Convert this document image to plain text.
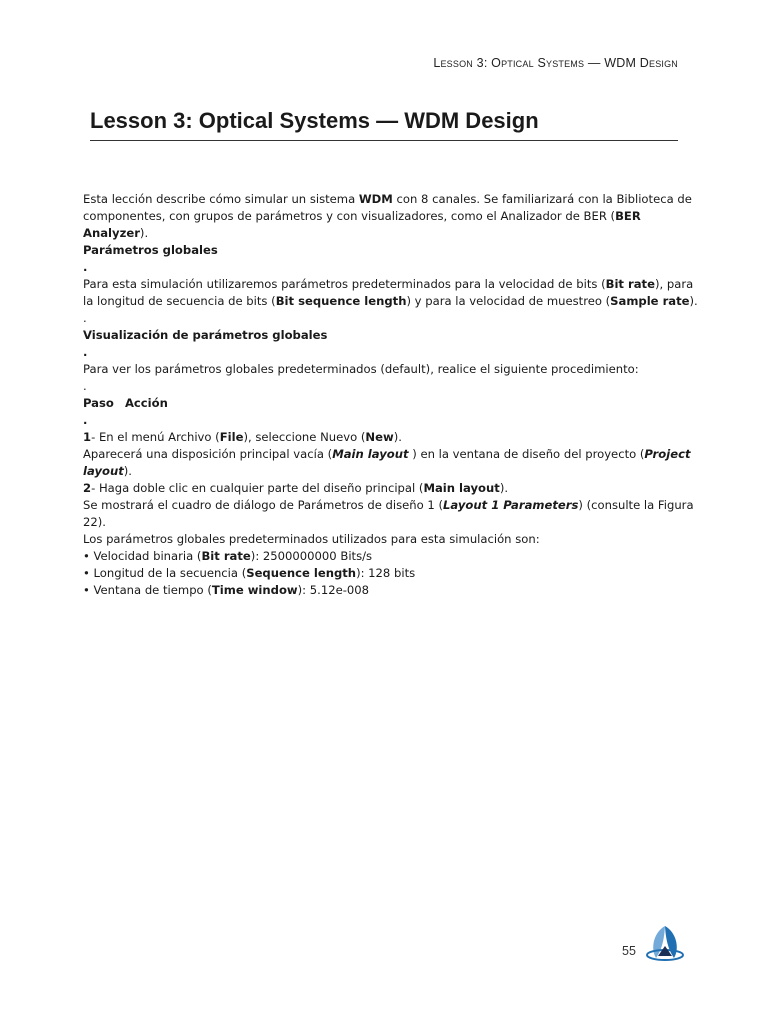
Lesson 3: Optical Systems — WDM Design
Lesson 3: Optical Systems — WDM Design

Esta lección describe cómo simular un sistema WDM con 8 canales. Se familiarizará con la Biblioteca de componentes, con grupos de parámetros y con visualizadores, como el Analizador de BER (BER Analyzer).

Parámetros globales

.

Para esta simulación utilizaremos parámetros predeterminados para la velocidad de bits (Bit rate), para la longitud de secuencia de bits (Bit sequence length) y para la velocidad de muestreo (Sample rate).

.

Visualización de parámetros globales

.

Para ver los parámetros globales predeterminados (default), realice el siguiente procedimiento:

.

Paso Acción

.

1- En el menú Archivo (File), seleccione Nuevo (New).

Aparecerá una disposición principal vacía (Main layout ) en la ventana de diseño del proyecto (Project layout).

2- Haga doble clic en cualquier parte del diseño principal (Main layout).

Se mostrará el cuadro de diálogo de Parámetros de diseño 1 (Layout 1 Parameters) (consulte la Figura 22).

Los parámetros globales predeterminados utilizados para esta simulación son:

• Velocidad binaria (Bit rate): 2500000000 Bits/s

• Longitud de la secuencia (Sequence length): 128 bits

• Ventana de tiempo (Time window): 5.12e-008

55
